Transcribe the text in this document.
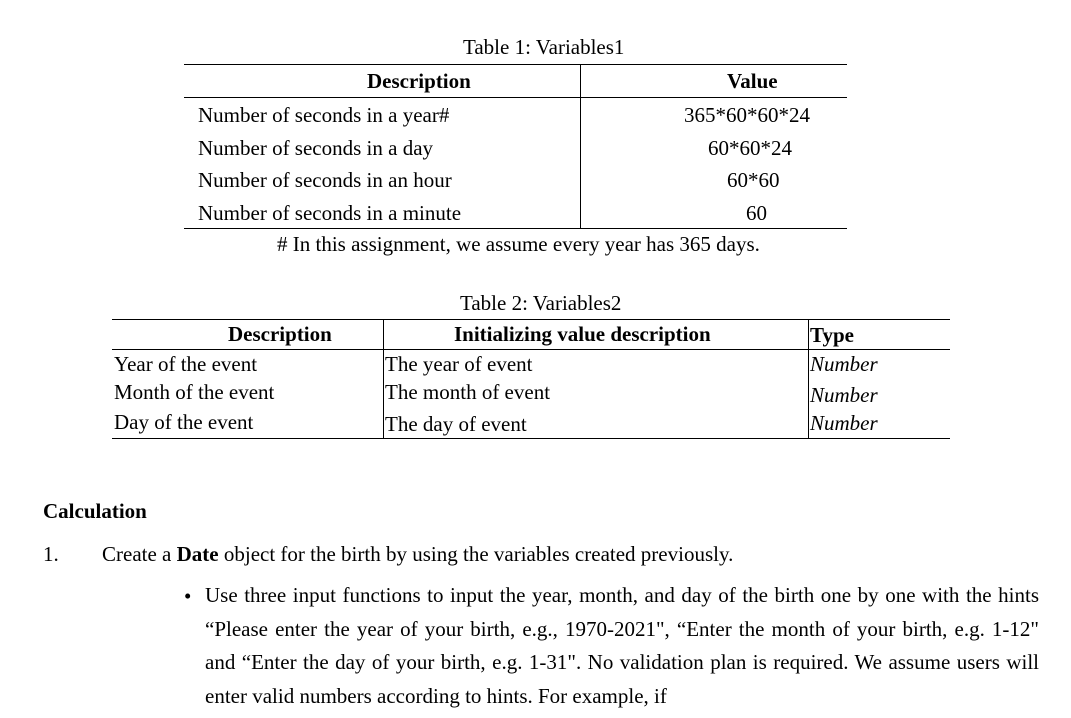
Table 1: Variables1
Description	Value
Number of seconds in a year#	365*60*60*24
Number of seconds in a day	60*60*24
Number of seconds in an hour	60*60
Number of seconds in a minute	60
# In this assignment, we assume every year has 365 days.
Table 2: Variables2
Description	Initializing value description	Type
Year of the event	The year of event	Number
Month of the event	The month of event	Number
Day of the event	The day of event	Number
Calculation
1. Create a Date object for the birth by using the variables created previously.
• Use three input functions to input the year, month, and day of the birth one by one with the hints “Please enter the year of your birth, e.g., 1970-2021", “Enter the month of your birth, e.g. 1-12" and “Enter the day of your birth, e.g. 1-31". No validation plan is required. We assume users will enter valid numbers according to hints. For example, if
